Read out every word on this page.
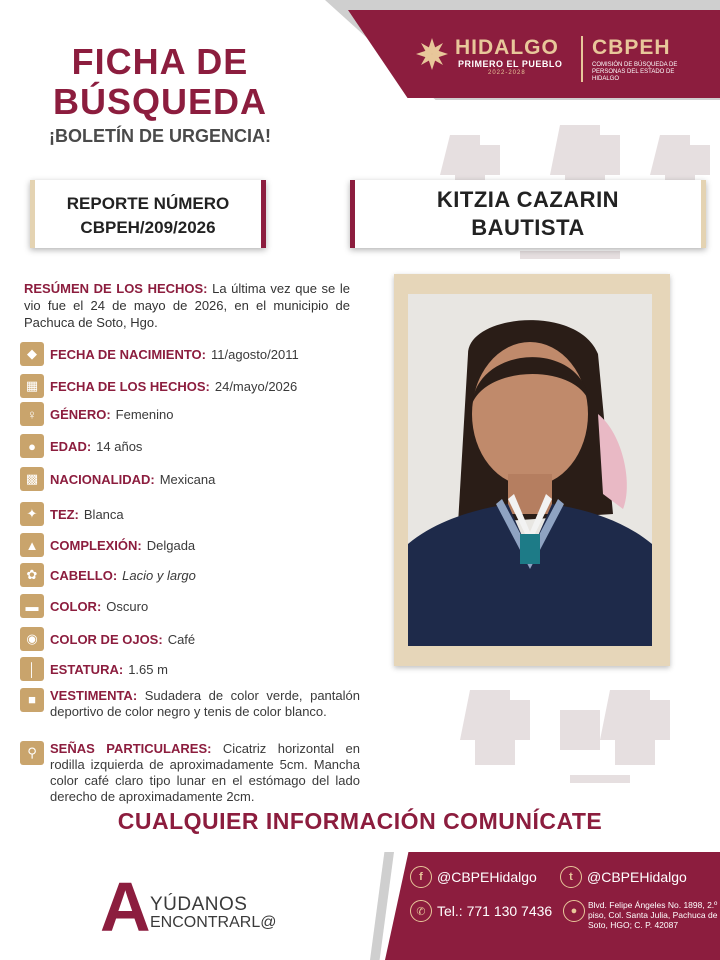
HIDALGO
PRIMERO EL PUEBLO
2022-2028
CBPEH
COMISIÓN DE BÚSQUEDA DE PERSONAS DEL ESTADO DE HIDALGO
FICHA DE
BÚSQUEDA
¡BOLETÍN DE URGENCIA!
REPORTE NÚMERO
CBPEH/209/2026
KITZIA CAZARIN
BAUTISTA
RESÚMEN DE LOS HECHOS: La última vez que se le vio fue el 24 de mayo de 2026, en el municipio de Pachuca de Soto, Hgo.
◆	FECHA DE NACIMIENTO: 11/agosto/2011
▦ FECHA DE LOS HECHOS: 24/mayo/2026
♀	GÉNERO: Femenino
●	EDAD: 14 años
▩ NACIONALIDAD: Mexicana
✦ TEZ: Blanca
▲ COMPLEXIÓN: Delgada
✿ CABELLO: Lacio y largo
▬ COLOR: Oscuro
◉ COLOR DE OJOS: Café
│	ESTATURA: 1.65 m
■	VESTIMENTA: Sudadera de color verde, pantalón deportivo de color negro y tenis de color blanco.
⚲	SEÑAS PARTICULARES: Cicatriz horizontal en rodilla izquierda de aproximadamente 5cm. Mancha color café claro tipo lunar en el estómago del lado derecho de aproximadamente 2cm.
CUALQUIER INFORMACIÓN COMUNÍCATE
f	@CBPEHidalgo	t	@CBPEHidalgo
✆ Tel.: 771 130 7436	●	Blvd. Felipe Ángeles No. 1898, 2.º piso, Col. Santa Julia, Pachuca de Soto, HGO; C. P. 42087
A YÚDANOS
ENCONTRARL@
